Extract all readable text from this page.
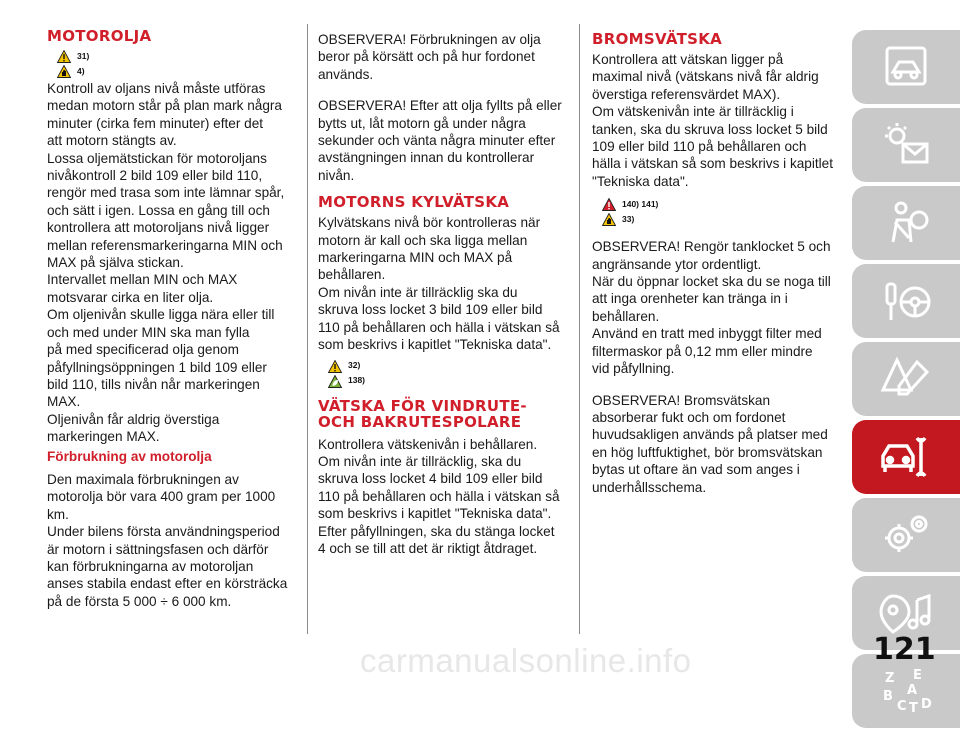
MOTOROLJA
31)
4)

Kontroll av oljans nivå måste utföras
medan motorn står på plan mark några
minuter (cirka fem minuter) efter det
att motorn stängts av.
Lossa oljemätstickan för motoroljans
nivåkontroll 2 bild 109 eller bild 110,
rengör med trasa som inte lämnar spår,
och sätt i igen. Lossa en gång till och
kontrollera att motoroljans nivå ligger
mellan referensmarkeringarna MIN och
MAX på själva stickan.
Intervallet mellan MIN och MAX
motsvarar cirka en liter olja.
Om oljenivån skulle ligga nära eller till
och med under MIN ska man fylla
på med specificerad olja genom
påfyllningsöppningen 1 bild 109 eller
bild 110, tills nivån når markeringen
MAX.
Oljenivån får aldrig överstiga
markeringen MAX.

Förbrukning av motorolja

Den maximala förbrukningen av
motorolja bör vara 400 gram per 1000
km.
Under bilens första användningsperiod
är motorn i sättningsfasen och därför
kan förbrukningarna av motoroljan
anses stabila endast efter en körsträcka
på de första 5 000 ÷ 6 000 km.

OBSERVERA! Förbrukningen av olja
beror på körsätt och på hur fordonet
används.

OBSERVERA! Efter att olja fyllts på eller
bytts ut, låt motorn gå under några
sekunder och vänta några minuter efter
avstängningen innan du kontrollerar
nivån.

MOTORNS KYLVÄTSKA

Kylvätskans nivå bör kontrolleras när
motorn är kall och ska ligga mellan
markeringarna MIN och MAX på
behållaren.
Om nivån inte är tillräcklig ska du
skruva loss locket 3 bild 109 eller bild
110 på behållaren och hälla i vätskan så
som beskrivs i kapitlet "Tekniska data".

32)
138)
VÄTSKA FÖR VINDRUTE-
OCH BAKRUTESPOLARE

Kontrollera vätskenivån i behållaren.
Om nivån inte är tillräcklig, ska du
skruva loss locket 4 bild 109 eller bild
110 på behållaren och hälla i vätskan så
som beskrivs i kapitlet "Tekniska data".
Efter påfyllningen, ska du stänga locket
4 och se till att det är riktigt åtdraget.

BROMSVÄTSKA

Kontrollera att vätskan ligger på
maximal nivå (vätskans nivå får aldrig
överstiga referensvärdet MAX).
Om vätskenivån inte är tillräcklig i
tanken, ska du skruva loss locket 5 bild
109 eller bild 110 på behållaren och
hälla i vätskan så som beskrivs i kapitlet
"Tekniska data".

140) 141)
33)

OBSERVERA! Rengör tanklocket 5 och
angränsande ytor ordentligt.
När du öppnar locket ska du se noga till
att inga orenheter kan tränga in i
behållaren.
Använd en tratt med inbyggt filter med
filtermaskor på 0,12 mm eller mindre
vid påfyllning.

OBSERVERA! Bromsvätskan
absorberar fukt och om fordonet
huvudsakligen används på platser med
en hög luftfuktighet, bör bromsvätskan
bytas ut oftare än vad som anges i
underhållsschema.

Z E
A
B
C T D
121
carmanualsonline.info
